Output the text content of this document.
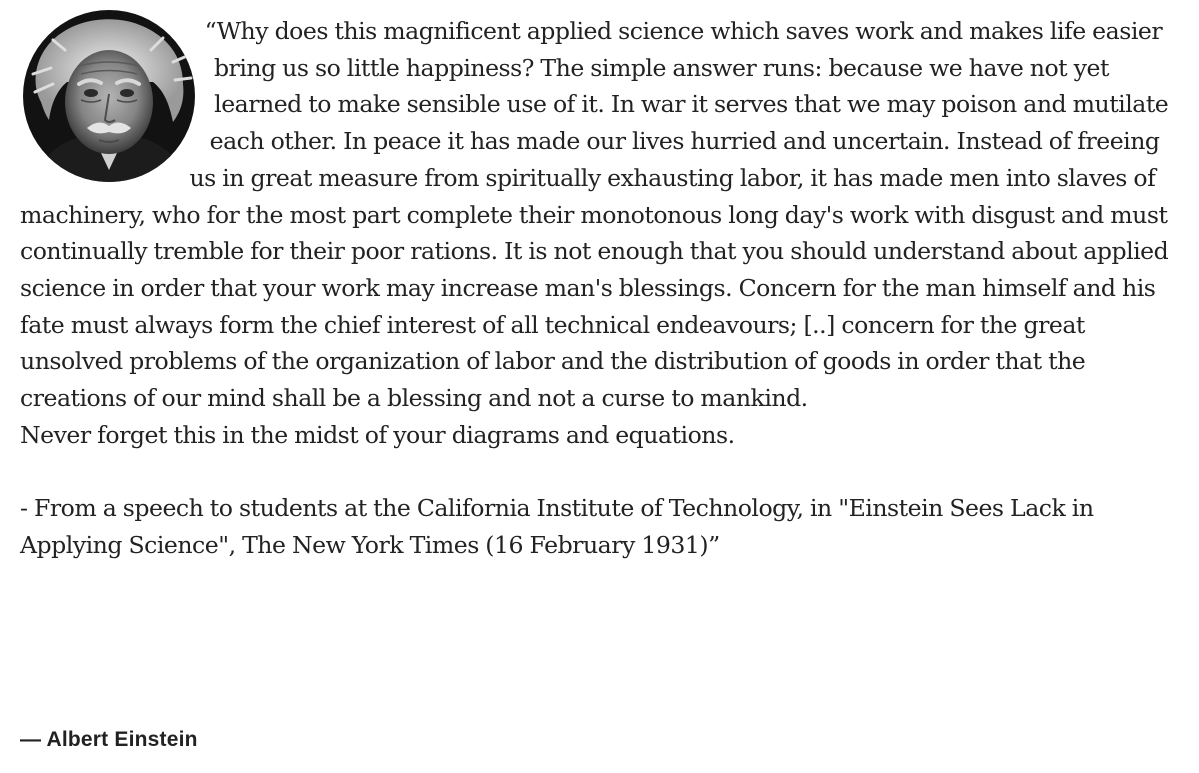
“Why does this magnificent applied science which saves work and makes life easier bring us so little happiness? The simple answer runs: because we have not yet learned to make sensible use of it. In war it serves that we may poison and mutilate each other. In peace it has made our lives hurried and uncertain. Instead of freeing us in great measure from spiritually exhausting labor, it has made men into slaves of machinery, who for the most part complete their monotonous long day's work with disgust and must continually tremble for their poor rations. It is not enough that you should understand about applied science in order that your work may increase man's blessings. Concern for the man himself and his fate must always form the chief interest of all technical endeavours; [..] concern for the great unsolved problems of the organization of labor and the distribution of goods in order that the creations of our mind shall be a blessing and not a curse to mankind.

Never forget this in the midst of your diagrams and equations.

- From a speech to students at the California Institute of Technology, in "Einstein Sees Lack in Applying Science", The New York Times (16 February 1931)”

— Albert Einstein
